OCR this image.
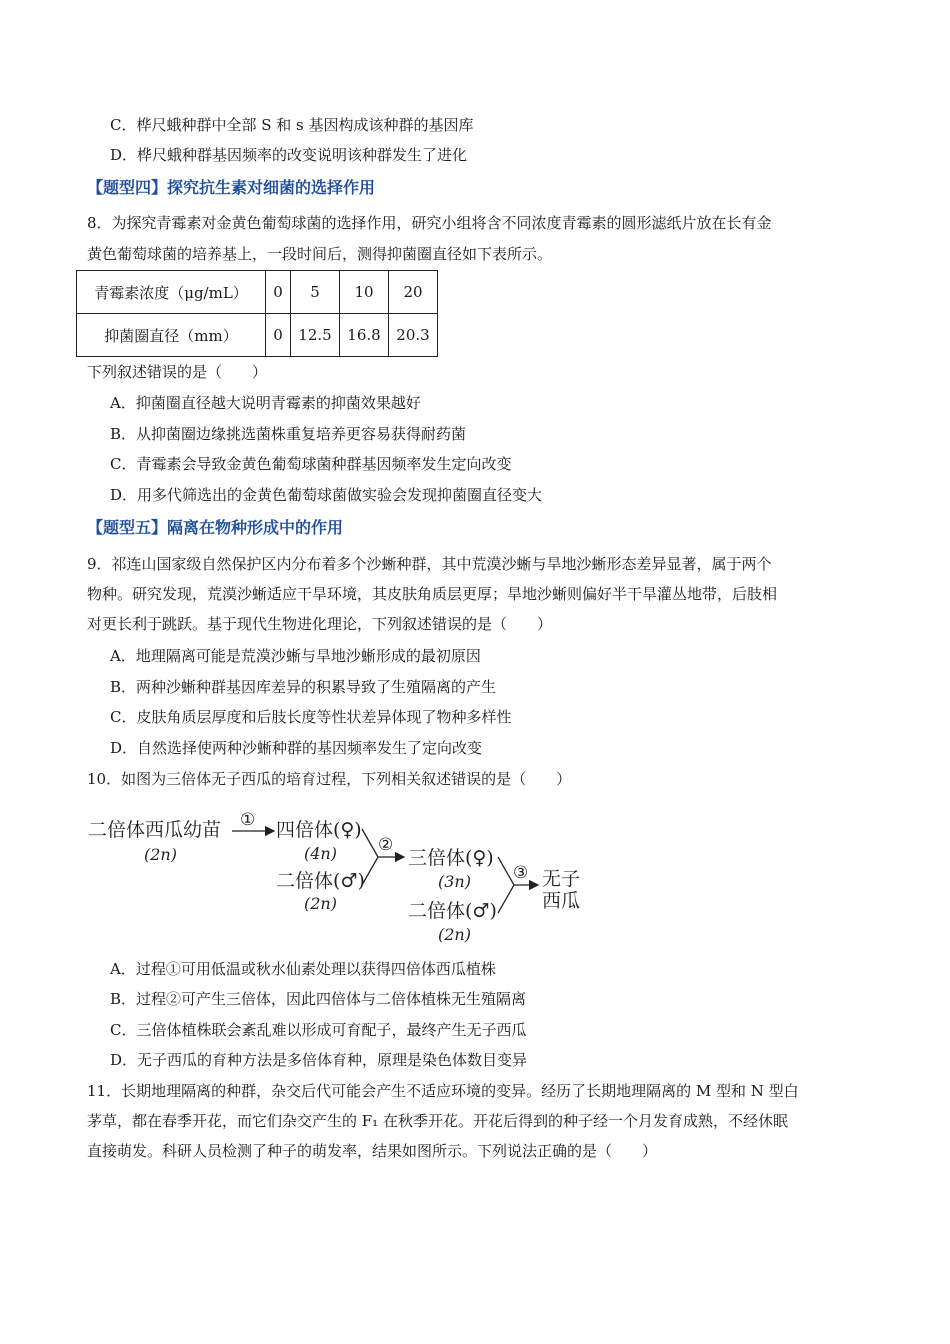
C．桦尺蛾种群中全部 S 和 s 基因构成该种群的基因库
D．桦尺蛾种群基因频率的改变说明该种群发生了进化
【题型四】探究抗生素对细菌的选择作用
8．为探究青霉素对金黄色葡萄球菌的选择作用，研究小组将含不同浓度青霉素的圆形滤纸片放在长有金
黄色葡萄球菌的培养基上，一段时间后，测得抑菌圈直径如下表所示。
青霉素浓度（μg/mL）	0	5	10	20
抑菌圈直径（mm）	0	12.5	16.8	20.3
下列叙述错误的是（　　）
A．抑菌圈直径越大说明青霉素的抑菌效果越好
B．从抑菌圈边缘挑选菌株重复培养更容易获得耐药菌
C．青霉素会导致金黄色葡萄球菌种群基因频率发生定向改变
D．用多代筛选出的金黄色葡萄球菌做实验会发现抑菌圈直径变大
【题型五】隔离在物种形成中的作用
9．祁连山国家级自然保护区内分布着多个沙蜥种群，其中荒漠沙蜥与旱地沙蜥形态差异显著，属于两个
物种。研究发现，荒漠沙蜥适应干旱环境，其皮肤角质层更厚；旱地沙蜥则偏好半干旱灌丛地带，后肢相
对更长利于跳跃。基于现代生物进化理论，下列叙述错误的是（　　）
A．地理隔离可能是荒漠沙蜥与旱地沙蜥形成的最初原因
B．两种沙蜥种群基因库差异的积累导致了生殖隔离的产生
C．皮肤角质层厚度和后肢长度等性状差异体现了物种多样性
D．自然选择使两种沙蜥种群的基因频率发生了定向改变
10．如图为三倍体无子西瓜的培育过程，下列相关叙述错误的是（　　）
二倍体西瓜幼苗
(2n)
① 四倍体(♀)
(4n)
二倍体(♂)
(2n)
②
三倍体(♀)
(3n)
二倍体(♂)
(2n)
③ 无子
西瓜
A．过程①可用低温或秋水仙素处理以获得四倍体西瓜植株
B．过程②可产生三倍体，因此四倍体与二倍体植株无生殖隔离
C．三倍体植株联会紊乱难以形成可育配子，最终产生无子西瓜
D．无子西瓜的育种方法是多倍体育种，原理是染色体数目变异
11．长期地理隔离的种群，杂交后代可能会产生不适应环境的变异。经历了长期地理隔离的 M 型和 N 型白
茅草，都在春季开花，而它们杂交产生的 F₁ 在秋季开花。开花后得到的种子经一个月发育成熟，不经休眠
直接萌发。科研人员检测了种子的萌发率，结果如图所示。下列说法正确的是（　　）
